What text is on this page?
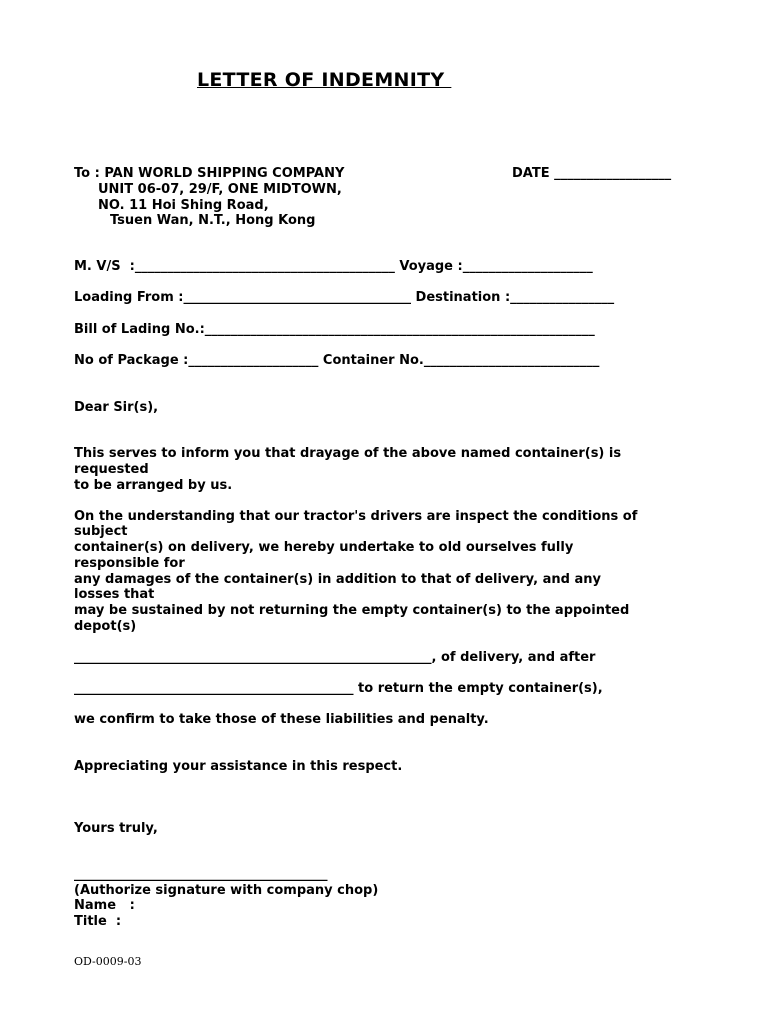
LETTER OF INDEMNITY
To : PAN WORLD SHIPPING COMPANY	DATE __________________
UNIT 06-07, 29/F, ONE MIDTOWN,
NO. 11 Hoi Shing Road,
Tsuen Wan, N.T., Hong Kong
M. V/S  :________________________________________ Voyage :____________________
Loading From :___________________________________ Destination :________________
Bill of Lading No.:____________________________________________________________
No of Package :____________________ Container No.___________________________
Dear Sir(s),
This serves to inform you that drayage of the above named container(s) is
requested
to be arranged by us.
On the understanding that our tractor's drivers are inspect the conditions of
subject
container(s) on delivery, we hereby undertake to old ourselves fully
responsible for
any damages of the container(s) in addition to that of delivery, and any
losses that
may be sustained by not returning the empty container(s) to the appointed
depot(s)
_______________________________________________________, of delivery, and after
___________________________________________ to return the empty container(s),
we confirm to take those of these liabilities and penalty.
Appreciating your assistance in this respect.
Yours truly,
_______________________________________
(Authorize signature with company chop)
Name   :
Title  :
OD-0009-03
